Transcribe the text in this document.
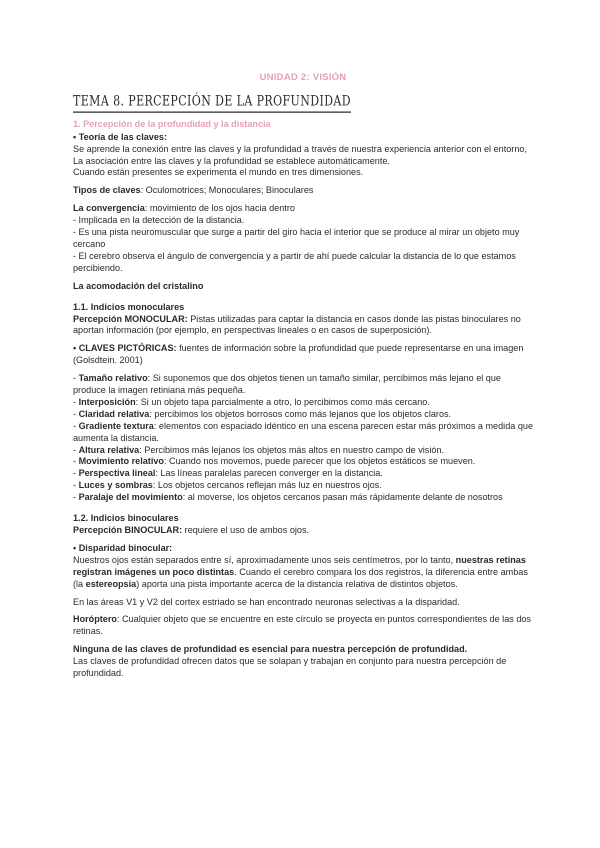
UNIDAD 2: VISIÓN
TEMA 8. PERCEPCIÓN DE LA PROFUNDIDAD
1. Percepción de la profundidad y la distancia

• Teoría de las claves:

Se aprende la conexión entre las claves y la profundidad a través de nuestra experiencia anterior con el entorno,

La asociación entre las claves y la profundidad se establece automáticamente.

Cuando están presentes se experimenta el mundo en tres dimensiones.

Tipos de claves: Oculomotrices; Monoculares; Binoculares

La convergencia: movimiento de los ojos hacia dentro

- Implicada en la detección de la distancia.

- Es una pista neuromuscular que surge a partir del giro hacia el interior que se produce al mirar un objeto muy cercano

- El cerebro observa el ángulo de convergencia y a partir de ahí puede calcular la distancia de lo que estamos percibiendo.

La acomodación del cristalino

1.1. Indicios monoculares

Percepción MONOCULAR: Pistas utilizadas para captar la distancia en casos donde las pistas binoculares no aportan información (por ejemplo, en perspectivas lineales o en casos de superposición).

• CLAVES PICTÓRICAS: fuentes de información sobre la profundidad que puede representarse en una imagen (Golsdtein. 2001)

- Tamaño relativo: Si suponemos que dos objetos tienen un tamaño similar, percibimos más lejano el que produce la imagen retiniana más pequeña.

- Interposición: Si un objeto tapa parcialmente a otro, lo percibimos como más cercano.

- Claridad relativa: percibimos los objetos borrosos como más lejanos que los objetos claros.

- Gradiente textura: elementos con espaciado idéntico en una escena parecen estar más próximos a medida que aumenta la distancia.

- Altura relativa: Percibimos más lejanos los objetos más altos en nuestro campo de visión.

- Movimiento relativo: Cuando nos movemos, puede parecer que los objetos estáticos se mueven.

- Perspectiva lineal: Las líneas paralelas parecen converger en la distancia.

- Luces y sombras: Los objetos cercanos reflejan más luz en nuestros ojos.

- Paralaje del movimiento: al moverse, los objetos cercanos pasan más rápidamente delante de nosotros

1.2. Indicios binoculares

Percepción BINOCULAR: requiere el uso de ambos ojos.

• Disparidad binocular:

Nuestros ojos están separados entre sí, aproximadamente unos seis centímetros, por lo tanto, nuestras retinas registran imágenes un poco distintas. Cuando el cerebro compara los dos registros, la diferencia entre ambas (la estereopsia) aporta una pista importante acerca de la distancia relativa de distintos objetos.

En las áreas V1 y V2 del cortex estriado se han encontrado neuronas selectivas a la disparidad.

Horóptero: Cualquier objeto que se encuentre en este círculo se proyecta en puntos correspondientes de las dos retinas.

Ninguna de las claves de profundidad es esencial para nuestra percepción de profundidad.

Las claves de profundidad ofrecen datos que se solapan y trabajan en conjunto para nuestra percepción de profundidad.
